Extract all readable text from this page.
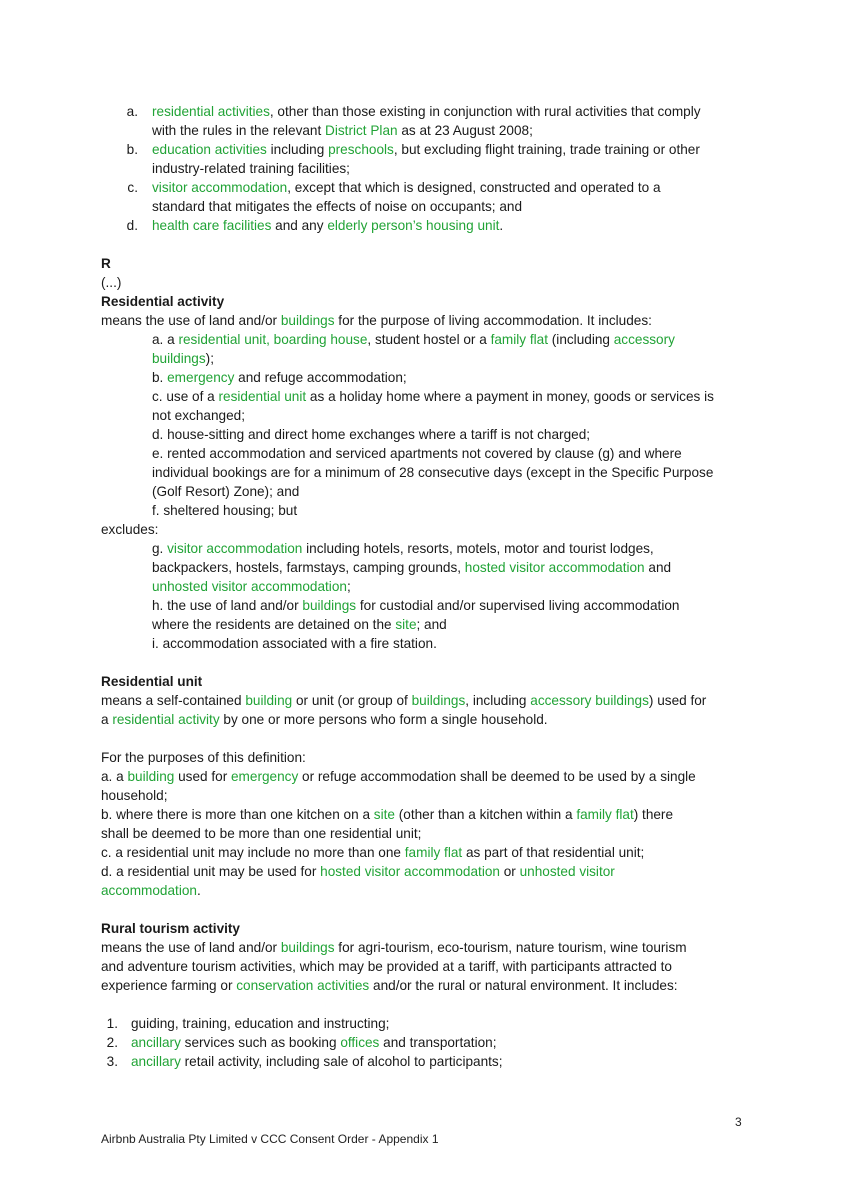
a. residential activities, other than those existing in conjunction with rural activities that comply
with the rules in the relevant District Plan as at 23 August 2008;
b. education activities including preschools, but excluding flight training, trade training or other
industry-related training facilities;
c. visitor accommodation, except that which is designed, constructed and operated to a
standard that mitigates the effects of noise on occupants; and
d. health care facilities and any elderly person’s housing unit.
R
(...)
Residential activity
means the use of land and/or buildings for the purpose of living accommodation. It includes:
a. a residential unit, boarding house, student hostel or a family flat (including accessory
buildings);
b. emergency and refuge accommodation;
c. use of a residential unit as a holiday home where a payment in money, goods or services is
not exchanged;
d. house-sitting and direct home exchanges where a tariff is not charged;
e. rented accommodation and serviced apartments not covered by clause (g) and where
individual bookings are for a minimum of 28 consecutive days (except in the Specific Purpose
(Golf Resort) Zone); and
f. sheltered housing; but
excludes:
g. visitor accommodation including hotels, resorts, motels, motor and tourist lodges,
backpackers, hostels, farmstays, camping grounds, hosted visitor accommodation and
unhosted visitor accommodation;
h. the use of land and/or buildings for custodial and/or supervised living accommodation
where the residents are detained on the site; and
i. accommodation associated with a fire station.
Residential unit
means a self-contained building or unit (or group of buildings, including accessory buildings) used for
a residential activity by one or more persons who form a single household.
For the purposes of this definition:
a. a building used for emergency or refuge accommodation shall be deemed to be used by a single
household;
b. where there is more than one kitchen on a site (other than a kitchen within a family flat) there
shall be deemed to be more than one residential unit;
c. a residential unit may include no more than one family flat as part of that residential unit;
d. a residential unit may be used for hosted visitor accommodation or unhosted visitor
accommodation.
Rural tourism activity
means the use of land and/or buildings for agri-tourism, eco-tourism, nature tourism, wine tourism
and adventure tourism activities, which may be provided at a tariff, with participants attracted to
experience farming or conservation activities and/or the rural or natural environment. It includes:
1. guiding, training, education and instructing;
2. ancillary services such as booking offices and transportation;
3. ancillary retail activity, including sale of alcohol to participants;
3
Airbnb Australia Pty Limited v CCC Consent Order - Appendix 1
